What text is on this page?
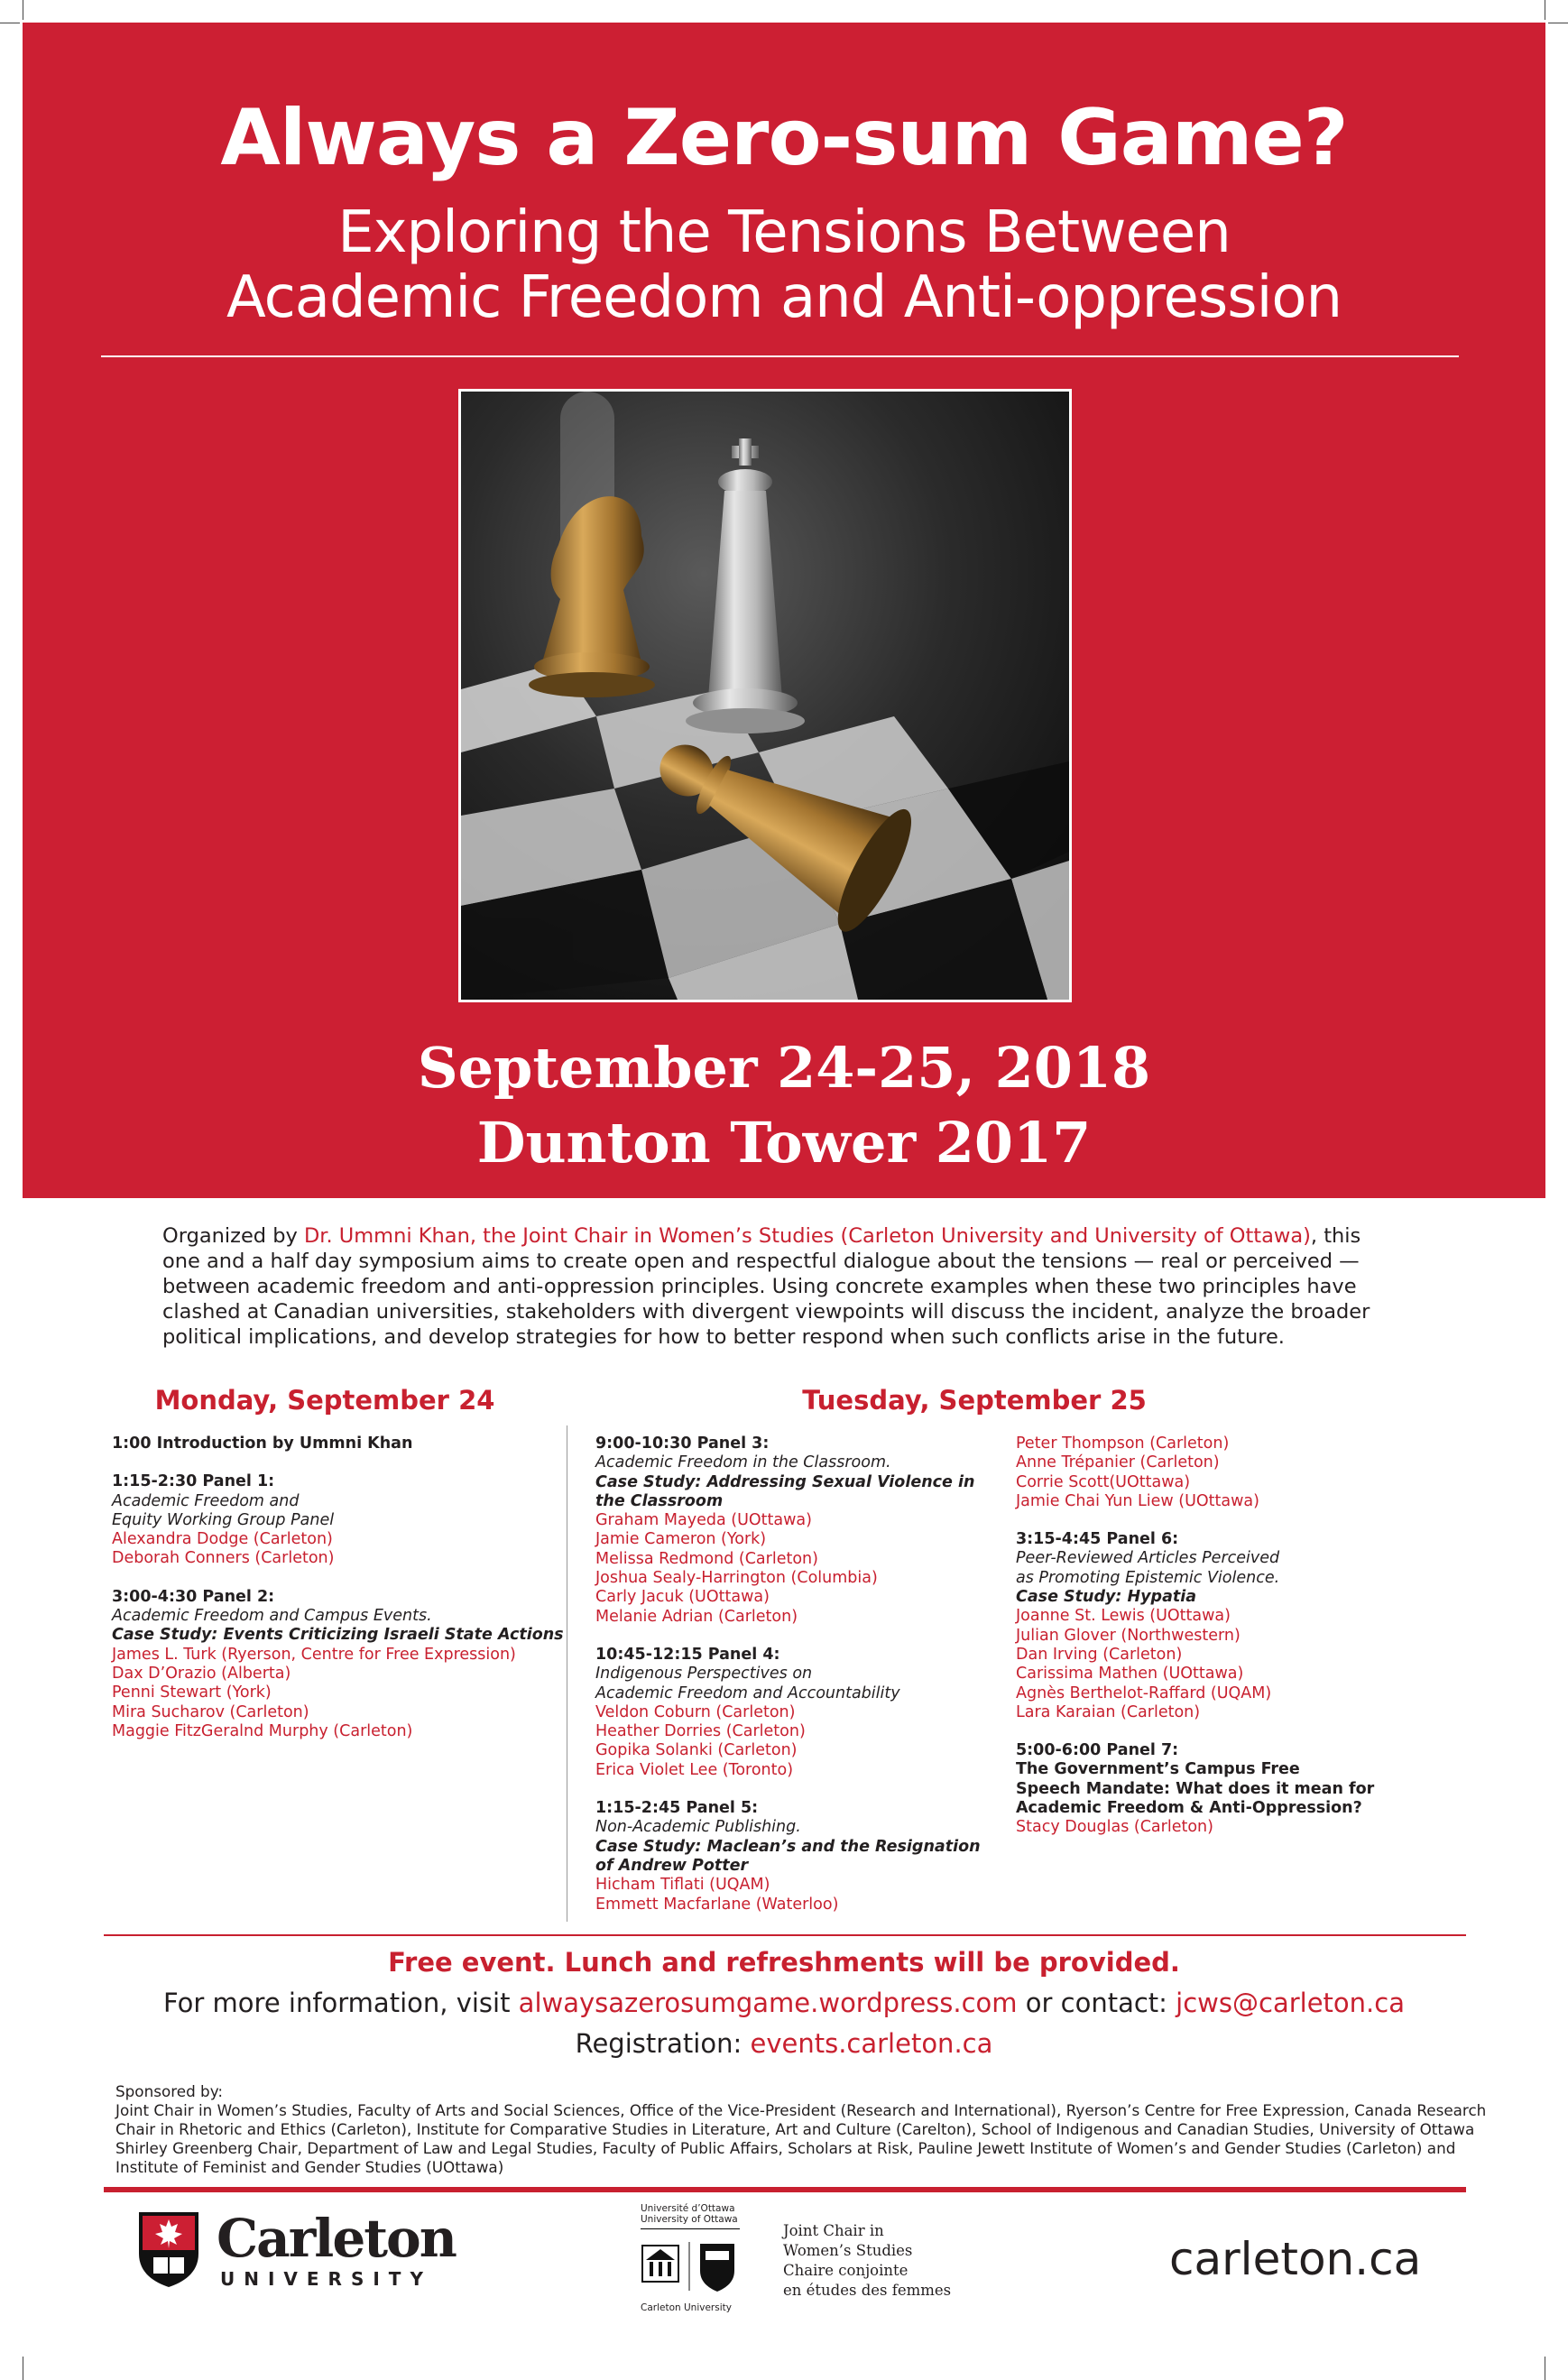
Always a Zero-sum Game?
Exploring the Tensions Between
Academic Freedom and Anti-oppression
September 24-25, 2018
Dunton Tower 2017

Organized by Dr. Ummni Khan, the Joint Chair in Women’s Studies (Carleton University and University of Ottawa), this one and a half day symposium aims to create open and respectful dialogue about the tensions — real or perceived — between academic freedom and anti-oppression principles. Using concrete examples when these two principles have clashed at Canadian universities, stakeholders with divergent viewpoints will discuss the incident, analyze the broader political implications, and develop strategies for how to better respond when such conflicts arise in the future.

Monday, September 24	Tuesday, September 25
1:00 Introduction by Ummni Khan
1:15-2:30 Panel 1:
Academic Freedom and
Equity Working Group Panel
Alexandra Dodge (Carleton)
Deborah Conners (Carleton)
3:00-4:30 Panel 2:
Academic Freedom and Campus Events.
Case Study: Events Criticizing Israeli State Actions
James L. Turk (Ryerson, Centre for Free Expression)
Dax D’Orazio (Alberta)
Penni Stewart (York)
Mira Sucharov (Carleton)
Maggie FitzGeralnd Murphy (Carleton)
9:00-10:30 Panel 3:
Academic Freedom in the Classroom.
Case Study: Addressing Sexual Violence in
the Classroom
Graham Mayeda (UOttawa)
Jamie Cameron (York)
Melissa Redmond (Carleton)
Joshua Sealy-Harrington (Columbia)
Carly Jacuk (UOttawa)
Melanie Adrian (Carleton)
10:45-12:15 Panel 4:
Indigenous Perspectives on
Academic Freedom and Accountability
Veldon Coburn (Carleton)
Heather Dorries (Carleton)
Gopika Solanki (Carleton)
Erica Violet Lee (Toronto)
1:15-2:45 Panel 5:
Non-Academic Publishing.
Case Study: Maclean’s and the Resignation
of Andrew Potter
Hicham Tiflati (UQAM)
Emmett Macfarlane (Waterloo)
Peter Thompson (Carleton)
Anne Trépanier (Carleton)
Corrie Scott(UOttawa)
Jamie Chai Yun Liew (UOttawa)
3:15-4:45 Panel 6:
Peer-Reviewed Articles Perceived
as Promoting Epistemic Violence.
Case Study: Hypatia
Joanne St. Lewis (UOttawa)
Julian Glover (Northwestern)
Dan Irving (Carleton)
Carissima Mathen (UOttawa)
Agnès Berthelot-Raffard (UQAM)
Lara Karaian (Carleton)
5:00-6:00 Panel 7:
The Government’s Campus Free
Speech Mandate: What does it mean for
Academic Freedom & Anti-Oppression?
Stacy Douglas (Carleton)
Free event. Lunch and refreshments will be provided.
For more information, visit alwaysazerosumgame.wordpress.com or contact: jcws@carleton.ca
Registration: events.carleton.ca
Sponsored by:
Joint Chair in Women’s Studies, Faculty of Arts and Social Sciences, Office of the Vice-President (Research and International), Ryerson’s Centre for Free Expression, Canada Research Chair in Rhetoric and Ethics (Carleton), Institute for Comparative Studies in Literature, Art and Culture (Carelton), School of Indigenous and Canadian Studies, University of Ottawa Shirley Greenberg Chair, Department of Law and Legal Studies, Faculty of Public Affairs, Scholars at Risk, Pauline Jewett Institute of Women’s and Gender Studies (Carleton) and Institute of Feminist and Gender Studies (UOttawa)
Carleton
UNIVERSITY
Université d’Ottawa
University of Ottawa
Carleton University
Joint Chair in
Women’s Studies
Chaire conjointe
en études des femmes
carleton.ca
